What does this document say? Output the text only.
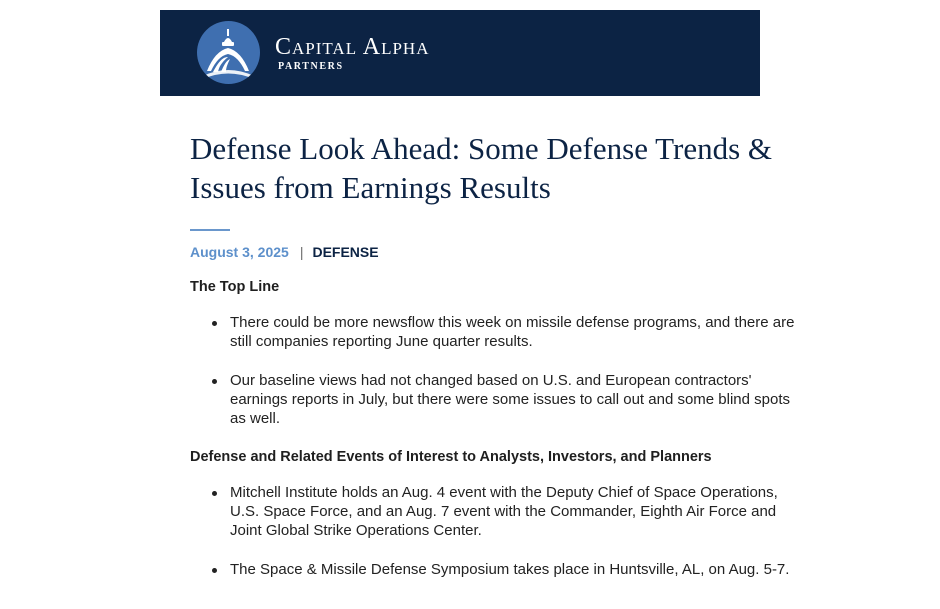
Capital Alpha
PARTNERS
Defense Look Ahead: Some Defense Trends & Issues from Earnings Results
August 3, 2025 | DEFENSE
The Top Line
There could be more newsflow this week on missile defense programs, and there are still companies reporting June quarter results.
Our baseline views had not changed based on U.S. and European contractors' earnings reports in July, but there were some issues to call out and some blind spots as well.
Defense and Related Events of Interest to Analysts, Investors, and Planners
Mitchell Institute holds an Aug. 4 event with the Deputy Chief of Space Operations, U.S. Space Force, and an Aug. 7 event with the Commander, Eighth Air Force and Joint Global Strike Operations Center.
The Space & Missile Defense Symposium takes place in Huntsville, AL, on Aug. 5-7.
